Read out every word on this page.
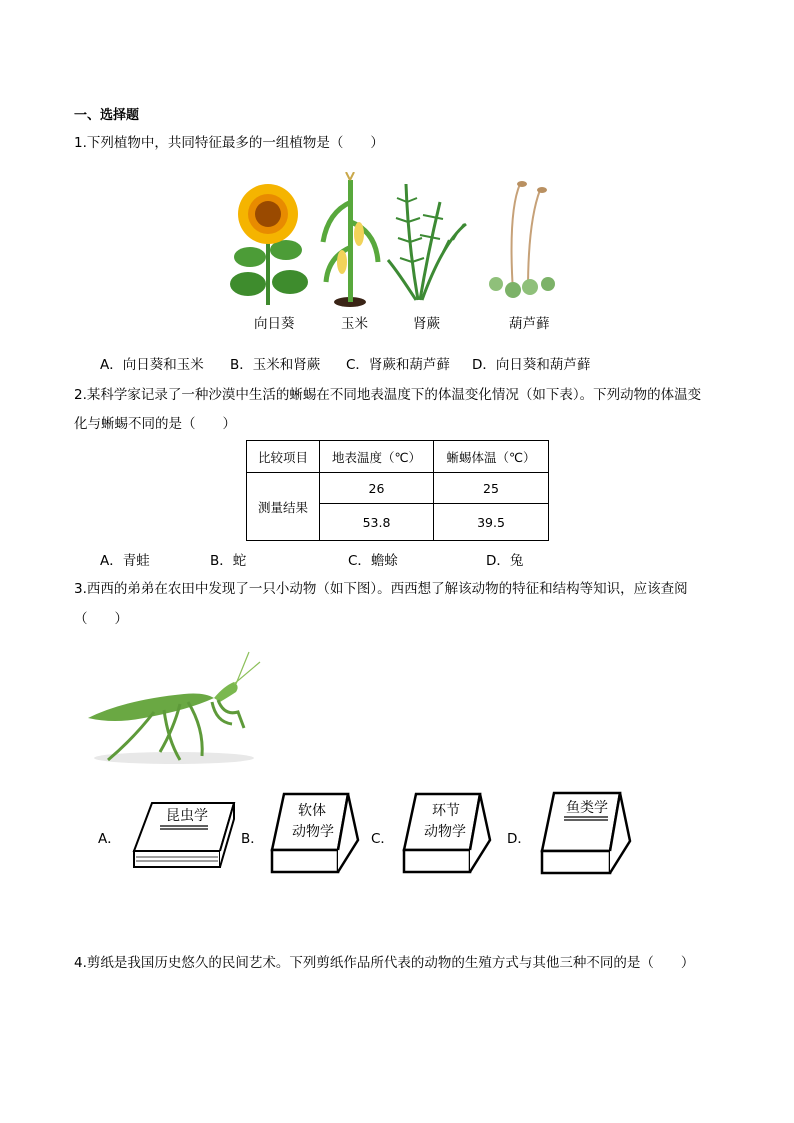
一、选择题
1.下列植物中，共同特征最多的一组植物是（　　）
向日葵	玉米	肾蕨	葫芦藓
A．向日葵和玉米 B．玉米和肾蕨 C．肾蕨和葫芦藓 D．向日葵和葫芦藓
2.某科学家记录了一种沙漠中生活的蜥蜴在不同地表温度下的体温变化情况（如下表）。下列动物的体温变
化与蜥蜴不同的是（　　）
比较项目	地表温度（℃）	蜥蜴体温（℃）
测量结果	26	25
	53.8	39.5
A．青蛙	B．蛇	C．蟾蜍	D．兔
3.西西的弟弟在农田中发现了一只小动物（如下图）。西西想了解该动物的特征和结构等知识，应该查阅
（　　）
A．	B．	C．	D．
昆虫学	软体
动物学
环节
动物学
鱼类学
4.剪纸是我国历史悠久的民间艺术。下列剪纸作品所代表的动物的生殖方式与其他三种不同的是（　　）
